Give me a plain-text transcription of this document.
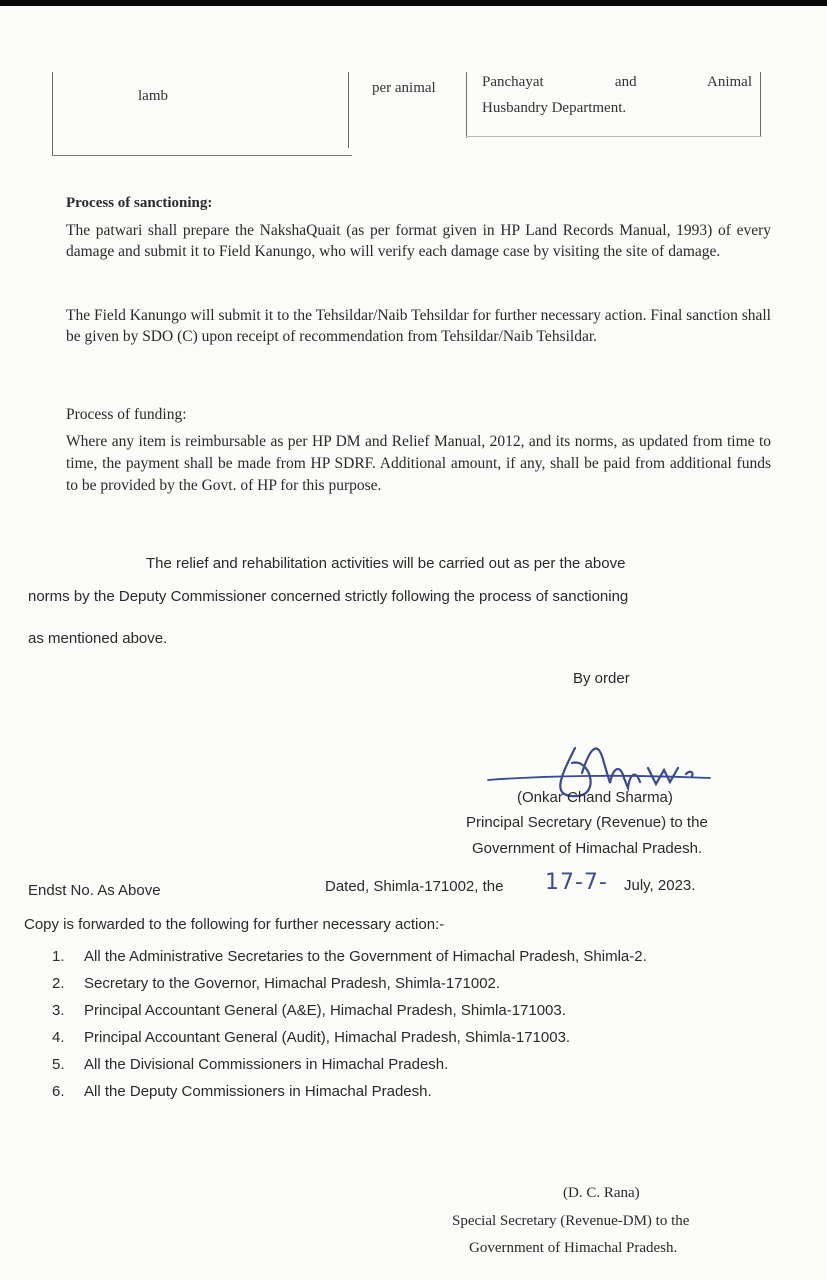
lamb	per animal	Panchayat and Animal
Husbandry Department.
Process of sanctioning:
The patwari shall prepare the NakshaQuait (as per format given in HP Land Records Manual, 1993) of every damage and submit it to Field Kanungo, who will verify each damage case by visiting the site of damage.
The Field Kanungo will submit it to the Tehsildar/Naib Tehsildar for further necessary action. Final sanction shall be given by SDO (C) upon receipt of recommendation from Tehsildar/Naib Tehsildar.
Process of funding:
Where any item is reimbursable as per HP DM and Relief Manual, 2012, and its norms, as updated from time to time, the payment shall be made from HP SDRF. Additional amount, if any, shall be paid from additional funds to be provided by the Govt. of HP for this purpose.
The relief and rehabilitation activities will be carried out as per the above
norms by the Deputy Commissioner concerned strictly following the process of sanctioning
as mentioned above.
By order
(Onkar Chand Sharma)
Principal Secretary (Revenue) to the
Government of Himachal Pradesh.
Endst No. As Above	Dated, Shimla-171002, the 17-7- July, 2023.
Copy is forwarded to the following for further necessary action:-
1.	All the Administrative Secretaries to the Government of Himachal Pradesh, Shimla-2.
2.	Secretary to the Governor, Himachal Pradesh, Shimla-171002.
3.	Principal Accountant General (A&E), Himachal Pradesh, Shimla-171003.
4.	Principal Accountant General (Audit), Himachal Pradesh, Shimla-171003.
5.	All the Divisional Commissioners in Himachal Pradesh.
6.	All the Deputy Commissioners in Himachal Pradesh.
(D. C. Rana)
Special Secretary (Revenue-DM) to the
Government of Himachal Pradesh.
